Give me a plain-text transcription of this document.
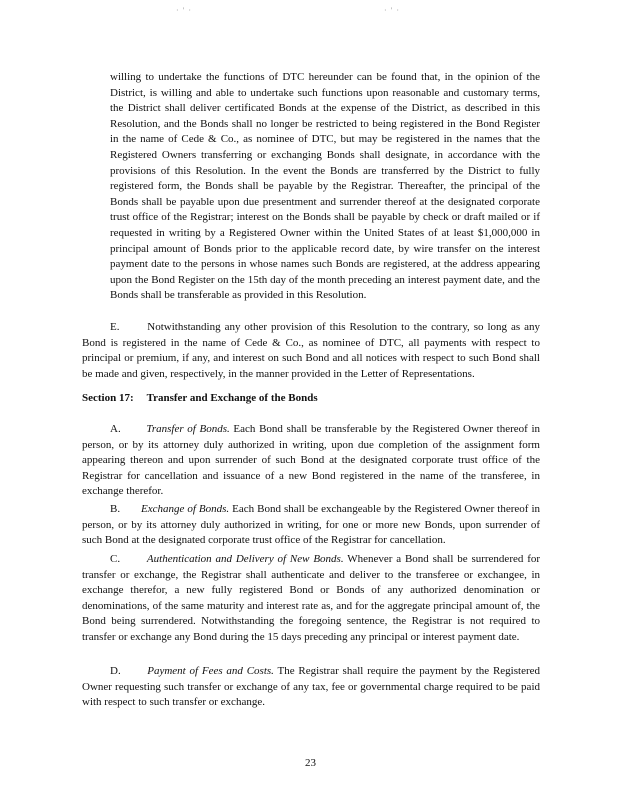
· ′ ·	· ′ ·
willing to undertake the functions of DTC hereunder can be found that, in the opinion of the District, is willing and able to undertake such functions upon reasonable and customary terms, the District shall deliver certificated Bonds at the expense of the District, as described in this Resolution, and the Bonds shall no longer be restricted to being registered in the Bond Register in the name of Cede & Co., as nominee of DTC, but may be registered in the names that the Registered Owners transferring or exchanging Bonds shall designate, in accordance with the provisions of this Resolution. In the event the Bonds are transferred by the District to fully registered form, the Bonds shall be payable by the Registrar. Thereafter, the principal of the Bonds shall be payable upon due presentment and surrender thereof at the designated corporate trust office of the Registrar; interest on the Bonds shall be payable by check or draft mailed or if requested in writing by a Registered Owner within the United States of at least $1,000,000 in principal amount of Bonds prior to the applicable record date, by wire transfer on the interest payment date to the persons in whose names such Bonds are registered, at the address appearing upon the Bond Register on the 15th day of the month preceding an interest payment date, and the Bonds shall be transferable as provided in this Resolution.
E.	Notwithstanding any other provision of this Resolution to the contrary, so long as any Bond is registered in the name of Cede & Co., as nominee of DTC, all payments with respect to principal or premium, if any, and interest on such Bond and all notices with respect to such Bond shall be made and given, respectively, in the manner provided in the Letter of Representations.
Section 17: Transfer and Exchange of the Bonds
A. Transfer of Bonds. Each Bond shall be transferable by the Registered Owner thereof in person, or by its attorney duly authorized in writing, upon due completion of the assignment form appearing thereon and upon surrender of such Bond at the designated corporate trust office of the Registrar for cancellation and issuance of a new Bond registered in the name of the transferee, in exchange therefor.
B. Exchange of Bonds. Each Bond shall be exchangeable by the Registered Owner thereof in person, or by its attorney duly authorized in writing, for one or more new Bonds, upon surrender of such Bond at the designated corporate trust office of the Registrar for cancellation.
C. Authentication and Delivery of New Bonds. Whenever a Bond shall be surrendered for transfer or exchange, the Registrar shall authenticate and deliver to the transferee or exchangee, in exchange therefor, a new fully registered Bond or Bonds of any authorized denomination or denominations, of the same maturity and interest rate as, and for the aggregate principal amount of, the Bond being surrendered. Notwithstanding the foregoing sentence, the Registrar is not required to transfer or exchange any Bond during the 15 days preceding any principal or interest payment date.
D. Payment of Fees and Costs. The Registrar shall require the payment by the Registered Owner requesting such transfer or exchange of any tax, fee or governmental charge required to be paid with respect to such transfer or exchange.
23
